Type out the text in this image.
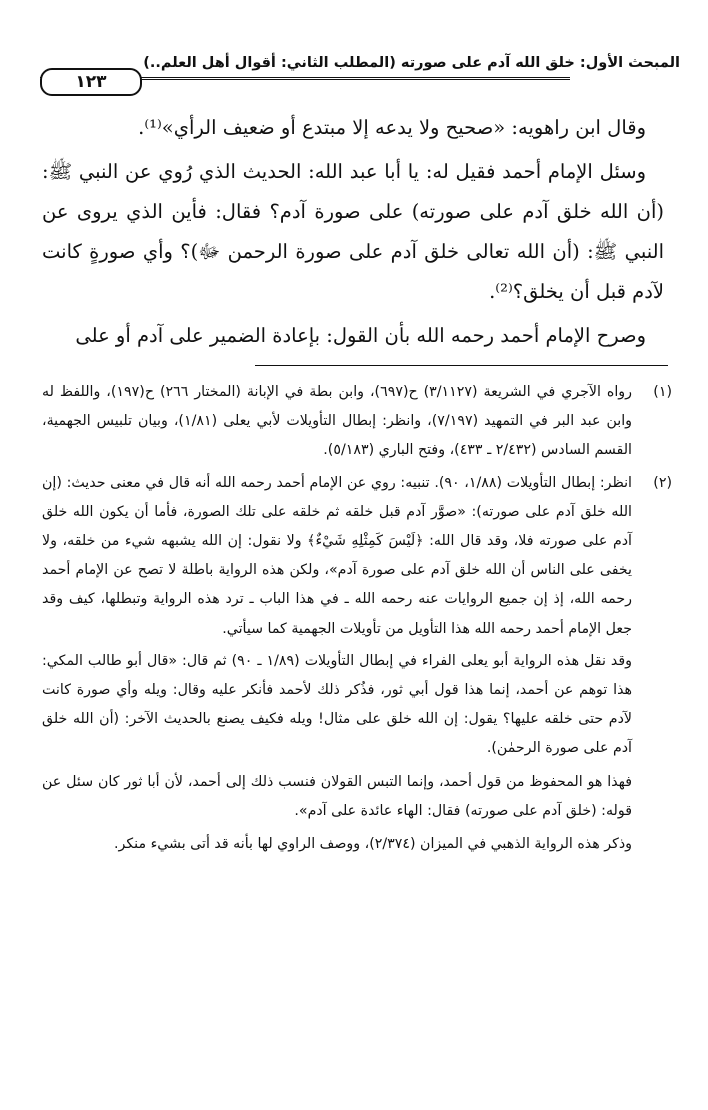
المبحث الأول: خلق الله آدم على صورته (المطلب الثاني: أقوال أهل العلم..)
١٢٣

وقال ابن راهويه: «صحيح ولا يدعه إلا مبتدع أو ضعيف الرأي»⁽¹⁾.

وسئل الإمام أحمد فقيل له: يا أبا عبد الله: الحديث الذي رُوي عن النبي ﷺ: (أن الله خلق آدم على صورته) على صورة آدم؟ فقال: فأين الذي يروى عن النبي ﷺ: (أن الله تعالى خلق آدم على صورة الرحمن ﷻ)؟ وأي صورةٍ كانت لآدم قبل أن يخلق؟⁽²⁾.

وصرح الإمام أحمد رحمه الله بأن القول: بإعادة الضمير على آدم أو على

(١)
رواه الآجري في الشريعة (٣/١١٢٧) ح(٦٩٧)، وابن بطة في الإبانة (المختار ٢٦٦) ح(١٩٧)، واللفظ له وابن عبد البر في التمهيد (٧/١٩٧)، وانظر: إبطال التأويلات لأبي يعلى (١/٨١)، وبيان تلبيس الجهمية، القسم السادس (٢/٤٣٢ ـ ٤٣٣)، وفتح الباري (٥/١٨٣).
(٢)
انظر: إبطال التأويلات (١/٨٨، ٩٠). تنبيه: روي عن الإمام أحمد رحمه الله أنه قال في معنى حديث: (إن الله خلق آدم على صورته): «صوَّر آدم قبل خلقه ثم خلقه على تلك الصورة، فأما أن يكون الله خلق آدم على صورته فلا، وقد قال الله: ﴿لَيْسَ كَمِثْلِهِ شَيْءٌ﴾ ولا نقول: إن الله يشبهه شيء من خلقه، ولا يخفى على الناس أن الله خلق آدم على صورة آدم»، ولكن هذه الرواية باطلة لا تصح عن الإمام أحمد رحمه الله، إذ إن جميع الروايات عنه رحمه الله ـ في هذا الباب ـ ترد هذه الرواية وتبطلها، كيف وقد جعل الإمام أحمد رحمه الله هذا التأويل من تأويلات الجهمية كما سيأتي.
وقد نقل هذه الرواية أبو يعلى الفراء في إبطال التأويلات (١/٨٩ ـ ٩٠) ثم قال: «قال أبو طالب المكي: هذا توهم عن أحمد، إنما هذا قول أبي ثور، فذُكر ذلك لأحمد فأنكر عليه وقال: ويله وأي صورة كانت لآدم حتى خلقه عليها؟ يقول: إن الله خلق على مثال! ويله فكيف يصنع بالحديث الآخر: (أن الله خلق آدم على صورة الرحمٰن).
فهذا هو المحفوظ من قول أحمد، وإنما التبس القولان فنسب ذلك إلى أحمد، لأن أبا ثور كان سئل عن قوله: (خلق آدم على صورته) فقال: الهاء عائدة على آدم».
وذكر هذه الرواية الذهبي في الميزان (٢/٣٧٤)، ووصف الراوي لها بأنه قد أتى بشيء منكر.
